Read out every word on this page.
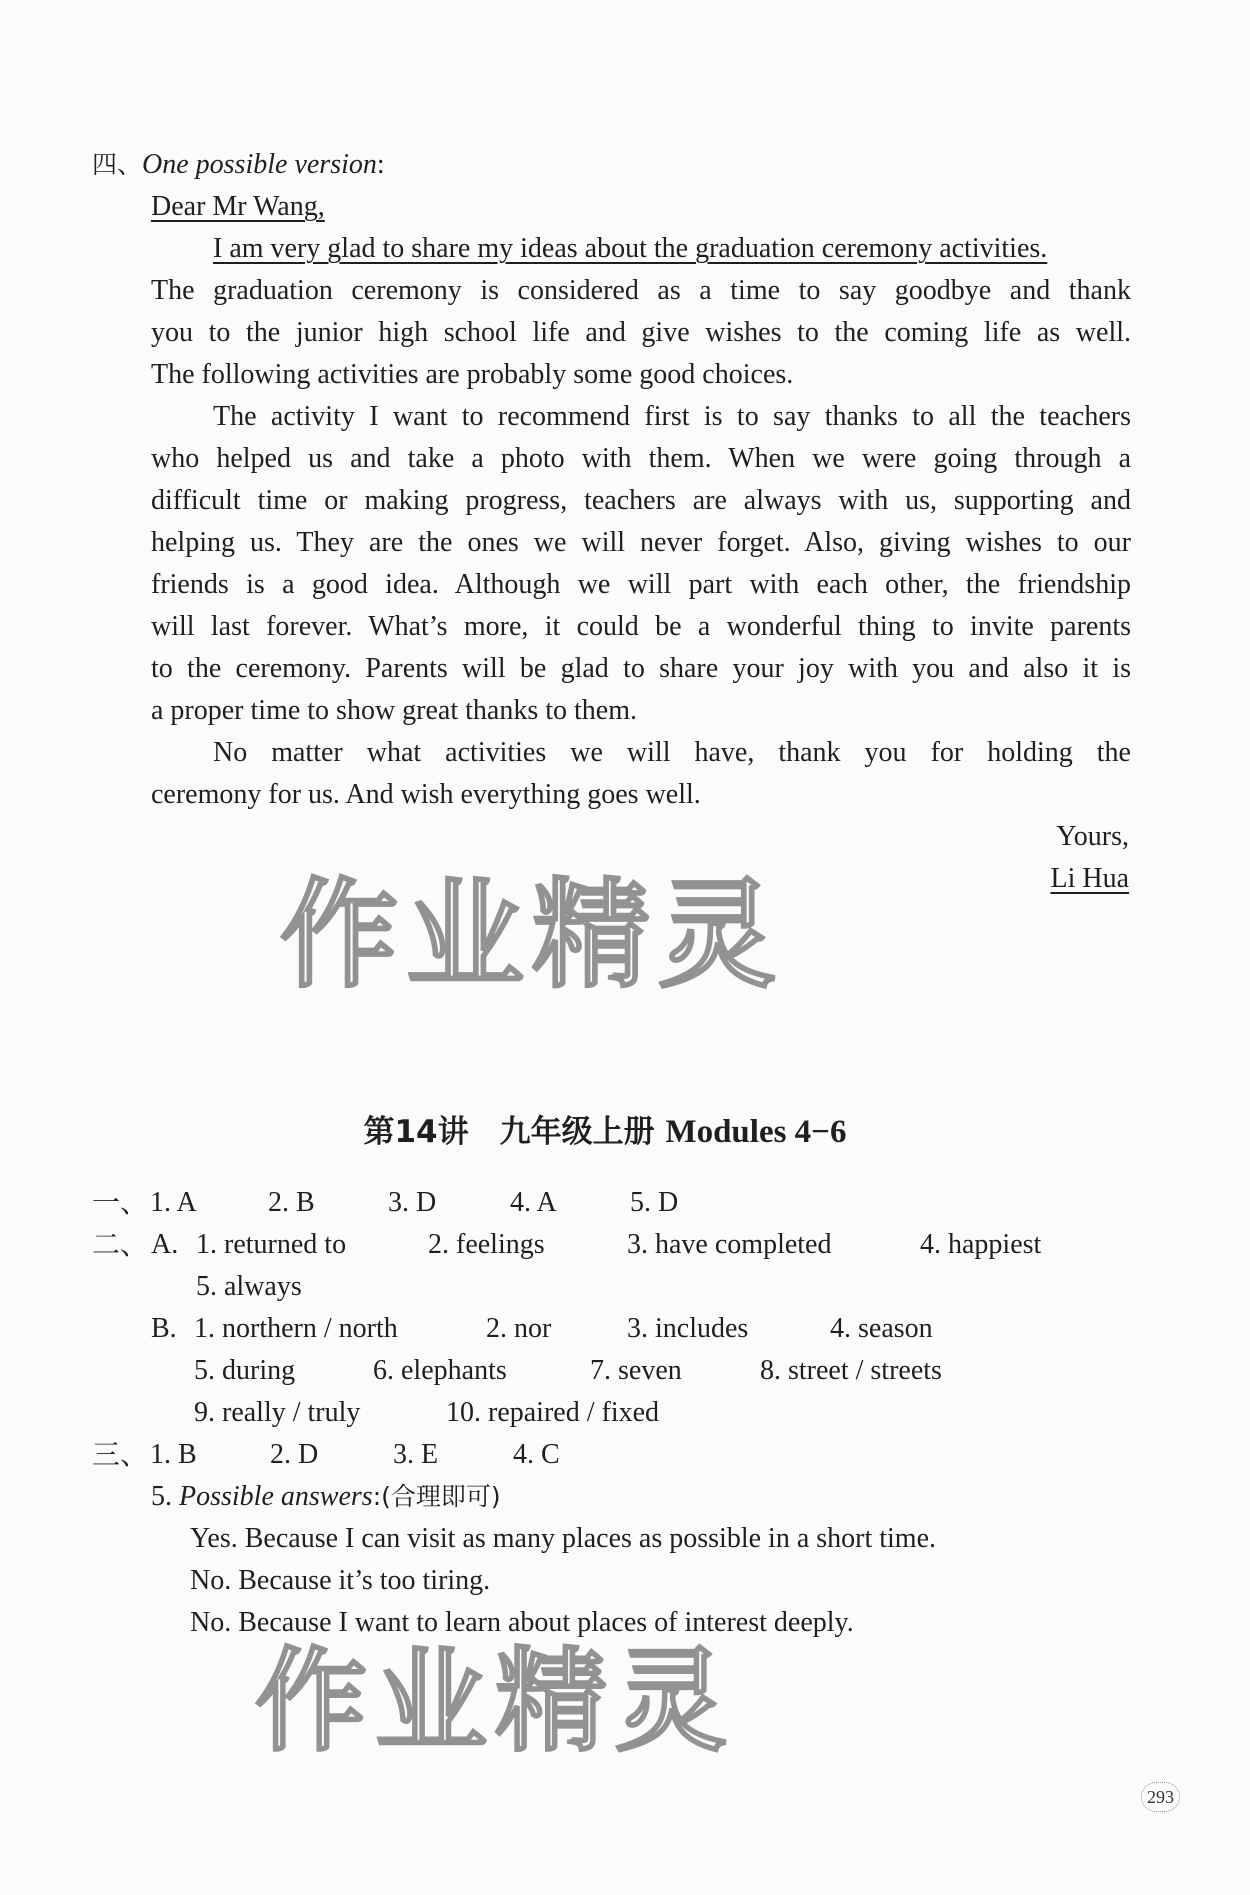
四、One possible version:
Dear Mr Wang,
I am very glad to share my ideas about the graduation ceremony activities.
The graduation ceremony is considered as a time to say goodbye and thank
you to the junior high school life and give wishes to the coming life as well.
The following activities are probably some good choices.
The activity I want to recommend first is to say thanks to all the teachers
who helped us and take a photo with them. When we were going through a
difficult time or making progress, teachers are always with us, supporting and
helping us. They are the ones we will never forget. Also, giving wishes to our
friends is a good idea. Although we will part with each other, the friendship
will last forever. What’s more, it could be a wonderful thing to invite parents
to the ceremony. Parents will be glad to share your joy with you and also it is
a proper time to show great thanks to them.
No matter what activities we will have, thank you for holding the
ceremony for us. And wish everything goes well.
Yours,
Li Hua
第14讲　九年级上册 Modules 4−6
一、 1. A	2. B	3. D	4. A	5. D
二、 A. 1. returned to	2. feelings	3. have completed	4. happiest
5. always
B. 1. northern / north	2. nor	3. includes	4. season
5. during	6. elephants	7. seven	8. street / streets
9. really / truly	10. repaired / fixed
三、 1. B	2. D	3. E	4. C
5. Possible answers:(合理即可)
Yes. Because I can visit as many places as possible in a short time.
No. Because it’s too tiring.
No. Because I want to learn about places of interest deeply.
作业精灵
作业精灵
293
